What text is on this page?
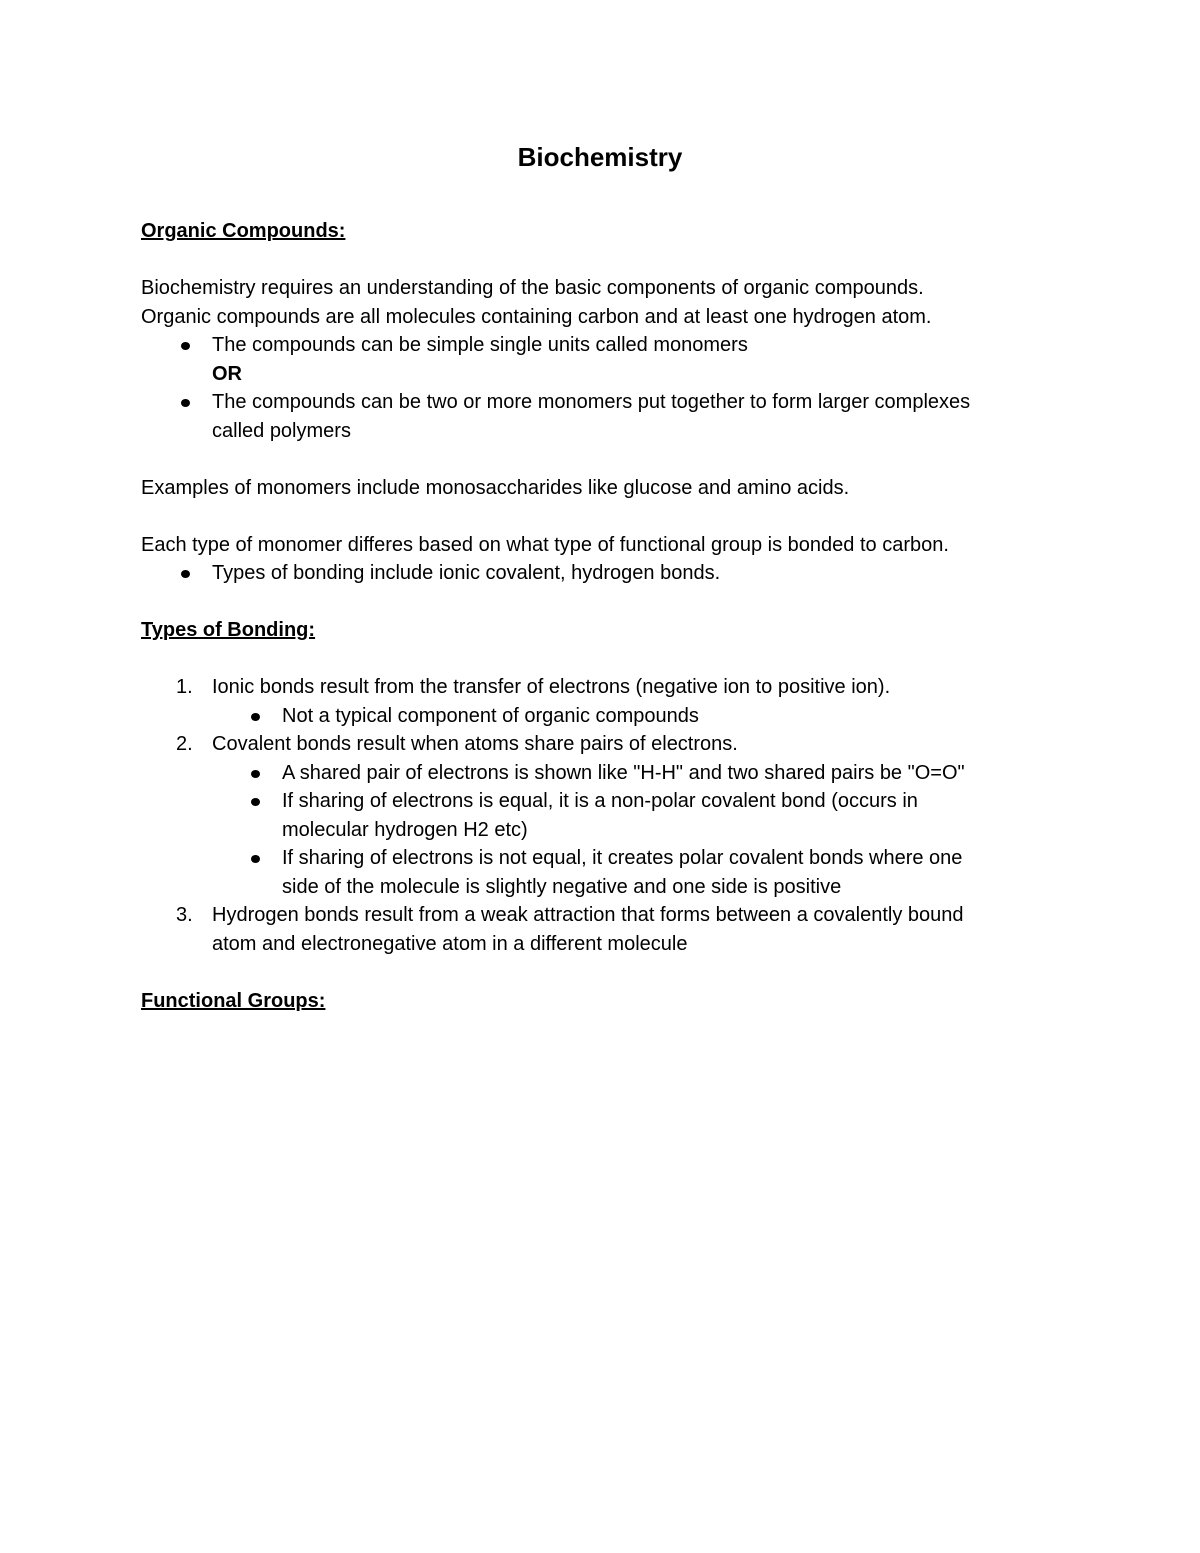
Biochemistry

Organic Compounds:

Biochemistry requires an understanding of the basic components of organic compounds.

Organic compounds are all molecules containing carbon and at least one hydrogen atom.

The compounds can be simple single units called monomers
OR
The compounds can be two or more monomers put together to form larger complexes
called polymers

Examples of monomers include monosaccharides like glucose and amino acids.

Each type of monomer differes based on what type of functional group is bonded to carbon.

Types of bonding include ionic covalent, hydrogen bonds.

Types of Bonding:

1. Ionic bonds result from the transfer of electrons (negative ion to positive ion).
Not a typical component of organic compounds
2. Covalent bonds result when atoms share pairs of electrons.
A shared pair of electrons is shown like "H-H" and two shared pairs be "O=O"
If sharing of electrons is equal, it is a non-polar covalent bond (occurs in
molecular hydrogen H2 etc)
If sharing of electrons is not equal, it creates polar covalent bonds where one
side of the molecule is slightly negative and one side is positive
3. Hydrogen bonds result from a weak attraction that forms between a covalently bound
atom and electronegative atom in a different molecule

Functional Groups:
